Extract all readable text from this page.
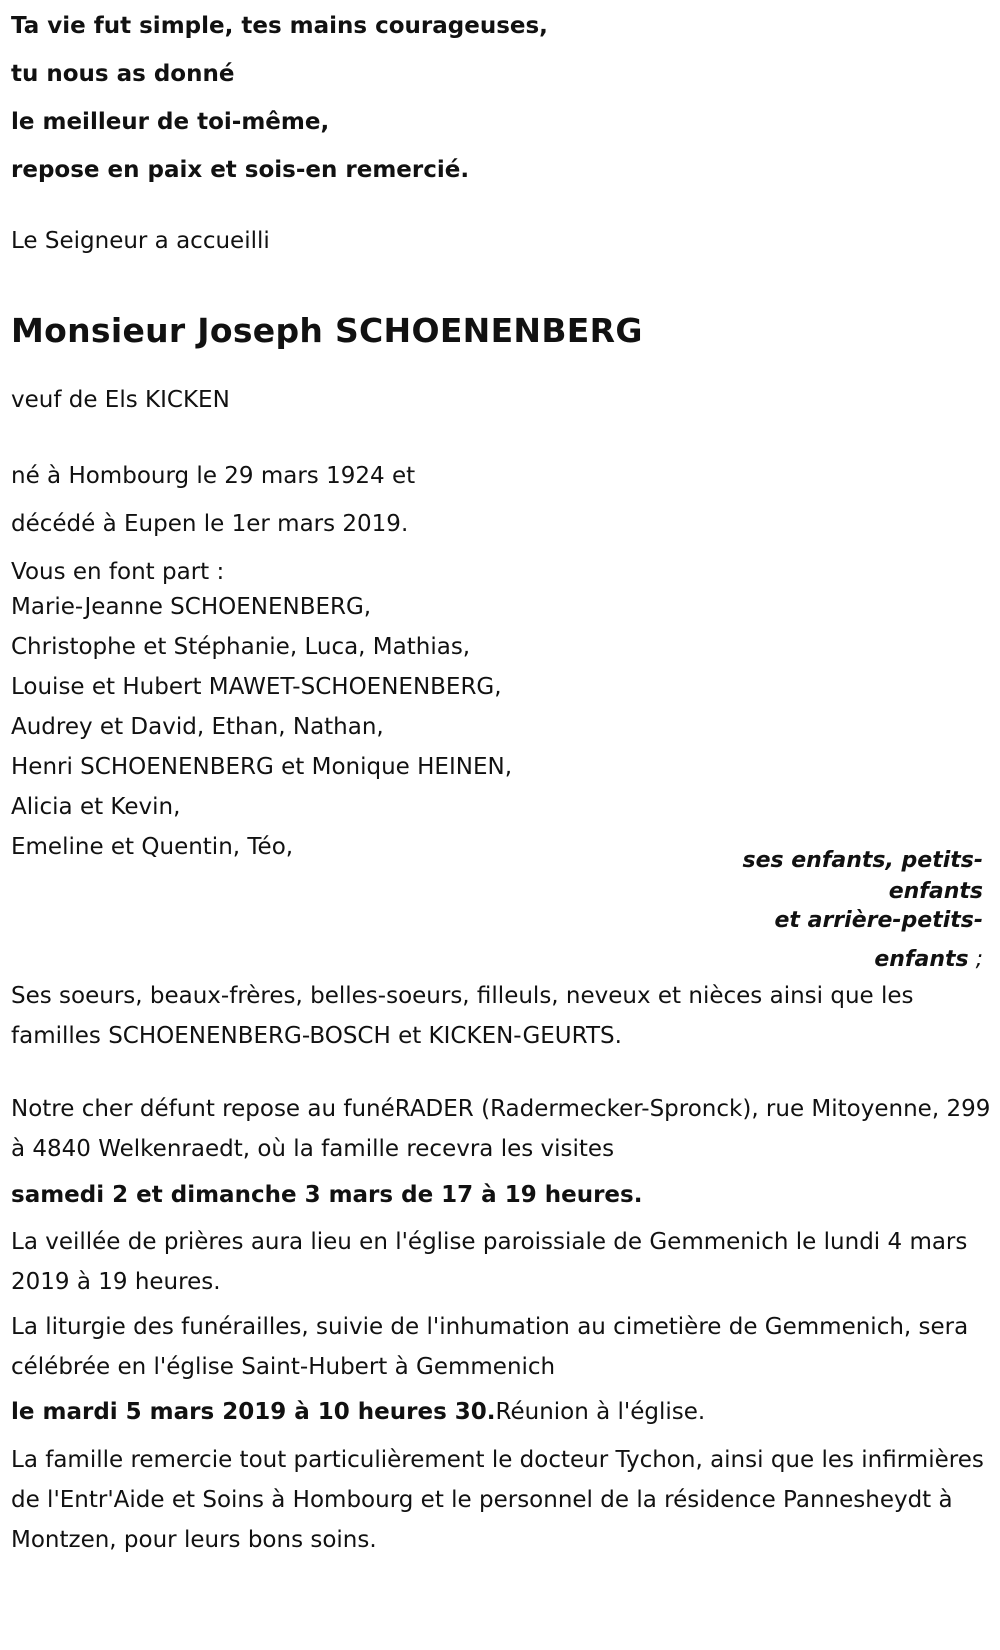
Ta vie fut simple, tes mains courageuses,
tu nous as donné
le meilleur de toi-même,
repose en paix et sois-en remercié.
Le Seigneur a accueilli
Monsieur Joseph SCHOENENBERG
veuf de Els KICKEN
né à Hombourg le 29 mars 1924 et
décédé à Eupen le 1er mars 2019.
Vous en font part :
Marie-Jeanne SCHOENENBERG,
Christophe et Stéphanie, Luca, Mathias,
Louise et Hubert MAWET-SCHOENENBERG,
Audrey et David, Ethan, Nathan,
Henri SCHOENENBERG et Monique HEINEN,
Alicia et Kevin,
Emeline et Quentin, Téo,
ses enfants, petits-
enfants
et arrière-petits-
enfants ;
Ses soeurs, beaux-frères, belles-soeurs, filleuls, neveux et nièces ainsi que les familles SCHOENENBERG-BOSCH et KICKEN-GEURTS.
Notre cher défunt repose au funéRADER (Radermecker-Spronck), rue Mitoyenne, 299 à 4840 Welkenraedt, où la famille recevra les visites
samedi 2 et dimanche 3 mars de 17 à 19 heures.
La veillée de prières aura lieu en l'église paroissiale de Gemmenich le lundi 4 mars 2019 à 19 heures.
La liturgie des funérailles, suivie de l'inhumation au cimetière de Gemmenich, sera célébrée en l'église Saint-Hubert à Gemmenich
le mardi 5 mars 2019 à 10 heures 30.Réunion à l'église.
La famille remercie tout particulièrement le docteur Tychon, ainsi que les infirmières de l'Entr'Aide et Soins à Hombourg et le personnel de la résidence Pannesheydt à Montzen, pour leurs bons soins.
